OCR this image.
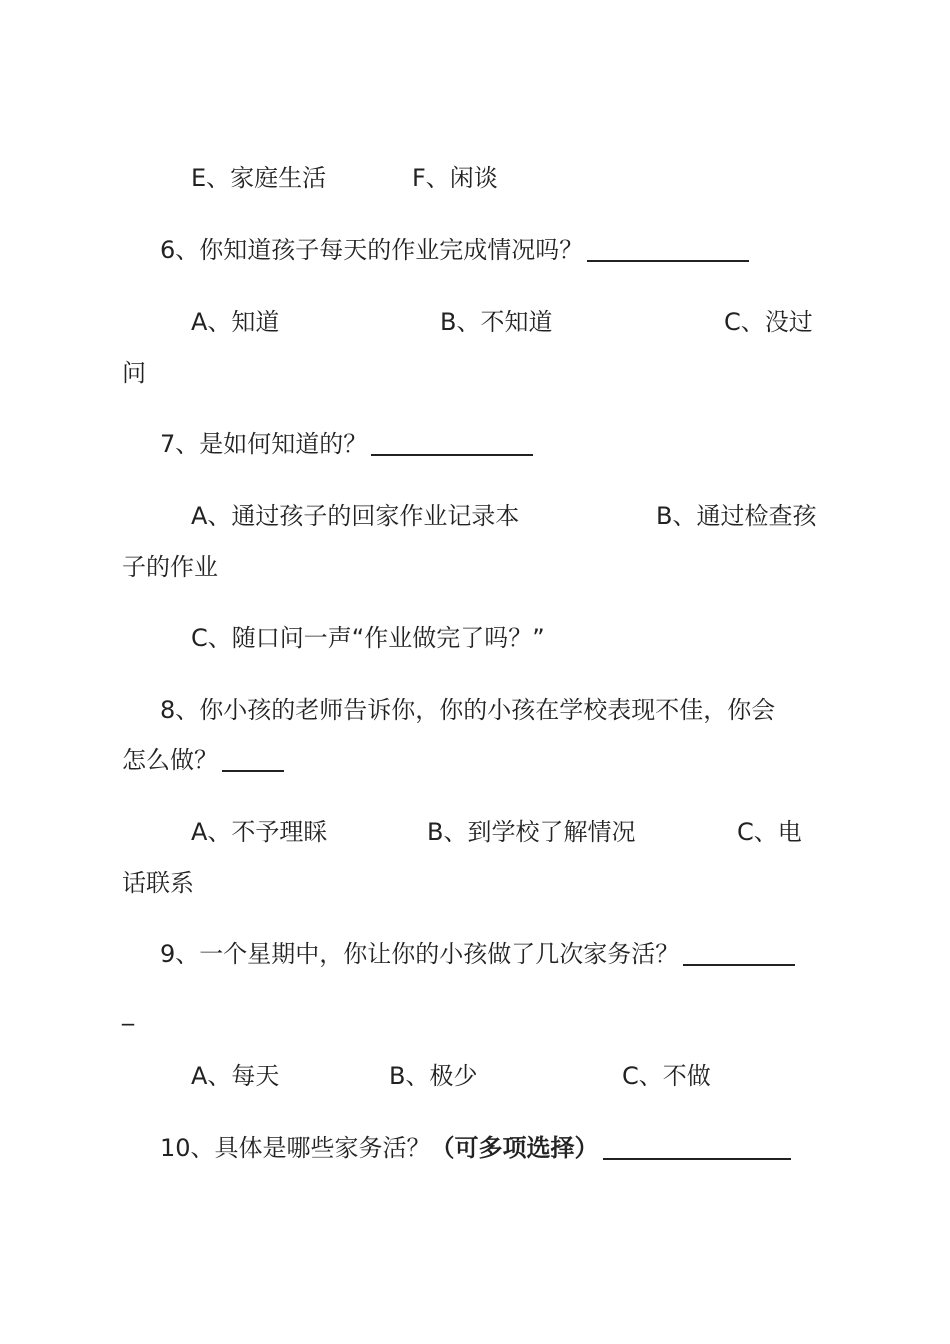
E、家庭生活	F、闲谈
6、你知道孩子每天的作业完成情况吗？
A、知道	B、不知道	C、没过
问
7、是如何知道的？
A、通过孩子的回家作业记录本	B、通过检查孩
子的作业
C、随口问一声“作业做完了吗？”
8、你小孩的老师告诉你，你的小孩在学校表现不佳，你会
怎么做？
A、不予理睬	B、到学校了解情况	C、电
话联系
9、一个星期中，你让你的小孩做了几次家务活？
_
A、每天	B、极少	C、不做
10、具体是哪些家务活？（可多项选择）
